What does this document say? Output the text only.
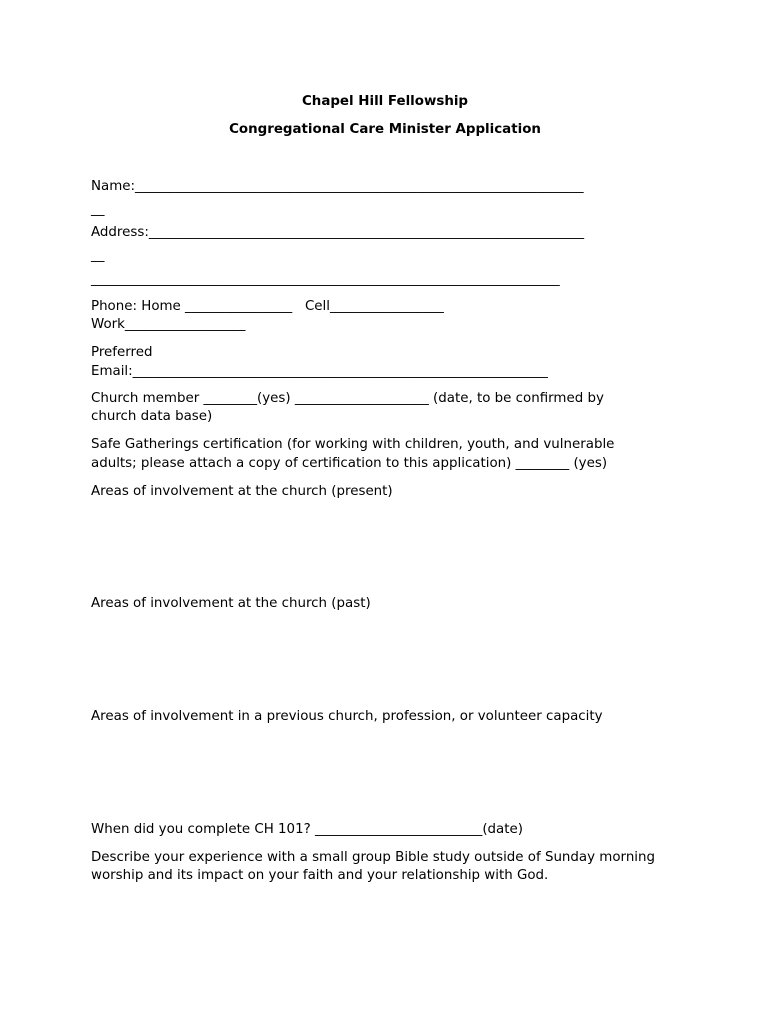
Chapel Hill Fellowship
Congregational Care Minister Application
Name:___________________________________________________________________
__
Address:_________________________________________________________________
__
______________________________________________________________________
Phone: Home ________________   Cell_________________
Work__________________
Preferred
Email:______________________________________________________________
Church member ________(yes) ____________________ (date, to be confirmed by
church data base)
Safe Gatherings certification (for working with children, youth, and vulnerable
adults; please attach a copy of certification to this application) ________ (yes)
Areas of involvement at the church (present)
Areas of involvement at the church (past)
Areas of involvement in a previous church, profession, or volunteer capacity
When did you complete CH 101? _________________________(date)
Describe your experience with a small group Bible study outside of Sunday morning
worship and its impact on your faith and your relationship with God.
